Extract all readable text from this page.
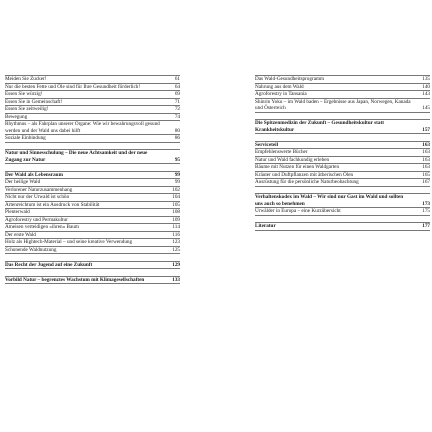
Meiden Sie Zucker!	61
Nur die besten Fette und Öle sind für Ihre Gesundheit förderlich!	64
Essen Sie würzig!	69
Essen Sie in Gemeinschaft!	71
Essen Sie zeitweilig!	72
Bewegung	74
Rhythmus – als Fahrplan unserer Organe: Wie wir bewahrungsvoll gesund werden und der Wald uns dabei hilft	80
Soziale Einbindung	86
Natur und Sinnesschulung – Die neue Achtsamkeit und der neue Zugang zur Natur	95
Der Wald als Lebensraum	99
Der heilige Wald	99
Verlorener Naturzusammenhang	102
Nicht nur der Urwald ist schön	104
Artenreichtum ist ein Ausdruck von Stabilität	105
Plenterwald	108
Agroforestry und Permakultur	109
Ameisen verteidigen »ihren« Baum	114
Der erste Wald	116
Holz als Hightech-Material – und seine kreative Verwendung	123
Schonende Waldnutzung	125
Das Recht der Jugend auf eine Zukunft	129
Vorbild Natur – begrenztes Wachstum mit Klimagesellschaften	133
Das Wald-Gesundheitsprogramm	135
Nahrung aus dem Wald	140
Agroforestry in Tansania	143
Shinrin Yoku – im Wald baden – Ergebnisse aus Japan, Norwegen, Kanada und Österreich	145
Die Spitzenmedizin der Zukunft – Gesundheitskultur statt Krankheitskultur	157
Serviceteil	163
Empfehlenswerte Bücher	163
Natur und Wald fachkundig erleben	163
Bäume mit Nutzen für einen Waldgarten	163
Kräuter und Duftpflanzen mit ätherischen Ölen	165
Ausrüstung für die persönliche Naturbeobachtung	167
Verhaltenskodex im Wald – Wir sind nur Gast im Wald und sollten uns auch so benehmen	173
Urwälder in Europa – eine Kurzübersicht	175
Literatur	177
